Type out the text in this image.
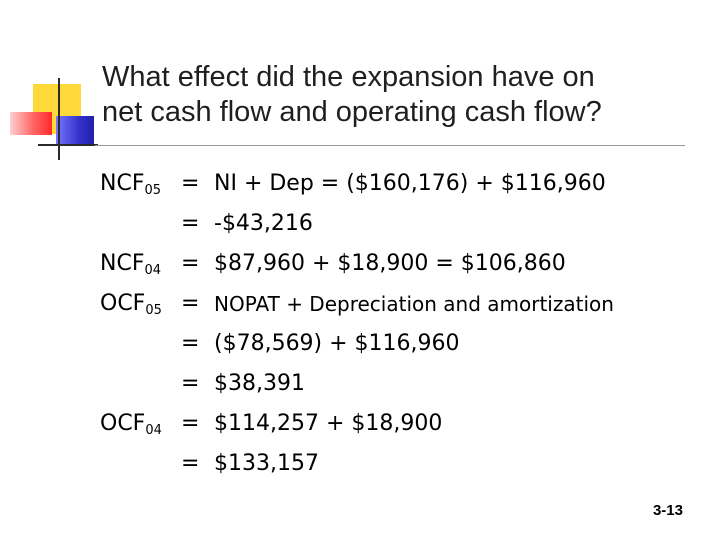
What effect did the expansion have on
net cash flow and operating cash flow?
$NCF_{05}$	=	NI + Dep = ($160,176) + $116,960
	=	-$43,216
$NCF_{04}$	=	$87,960 + $18,900 = $106,860
$OCF_{05}$	=	NOPAT + Depreciation and amortization
	=	($78,569) + $116,960
	=	$38,391
$OCF_{04}$	=	$114,257 + $18,900
	=	$133,157
3-13
